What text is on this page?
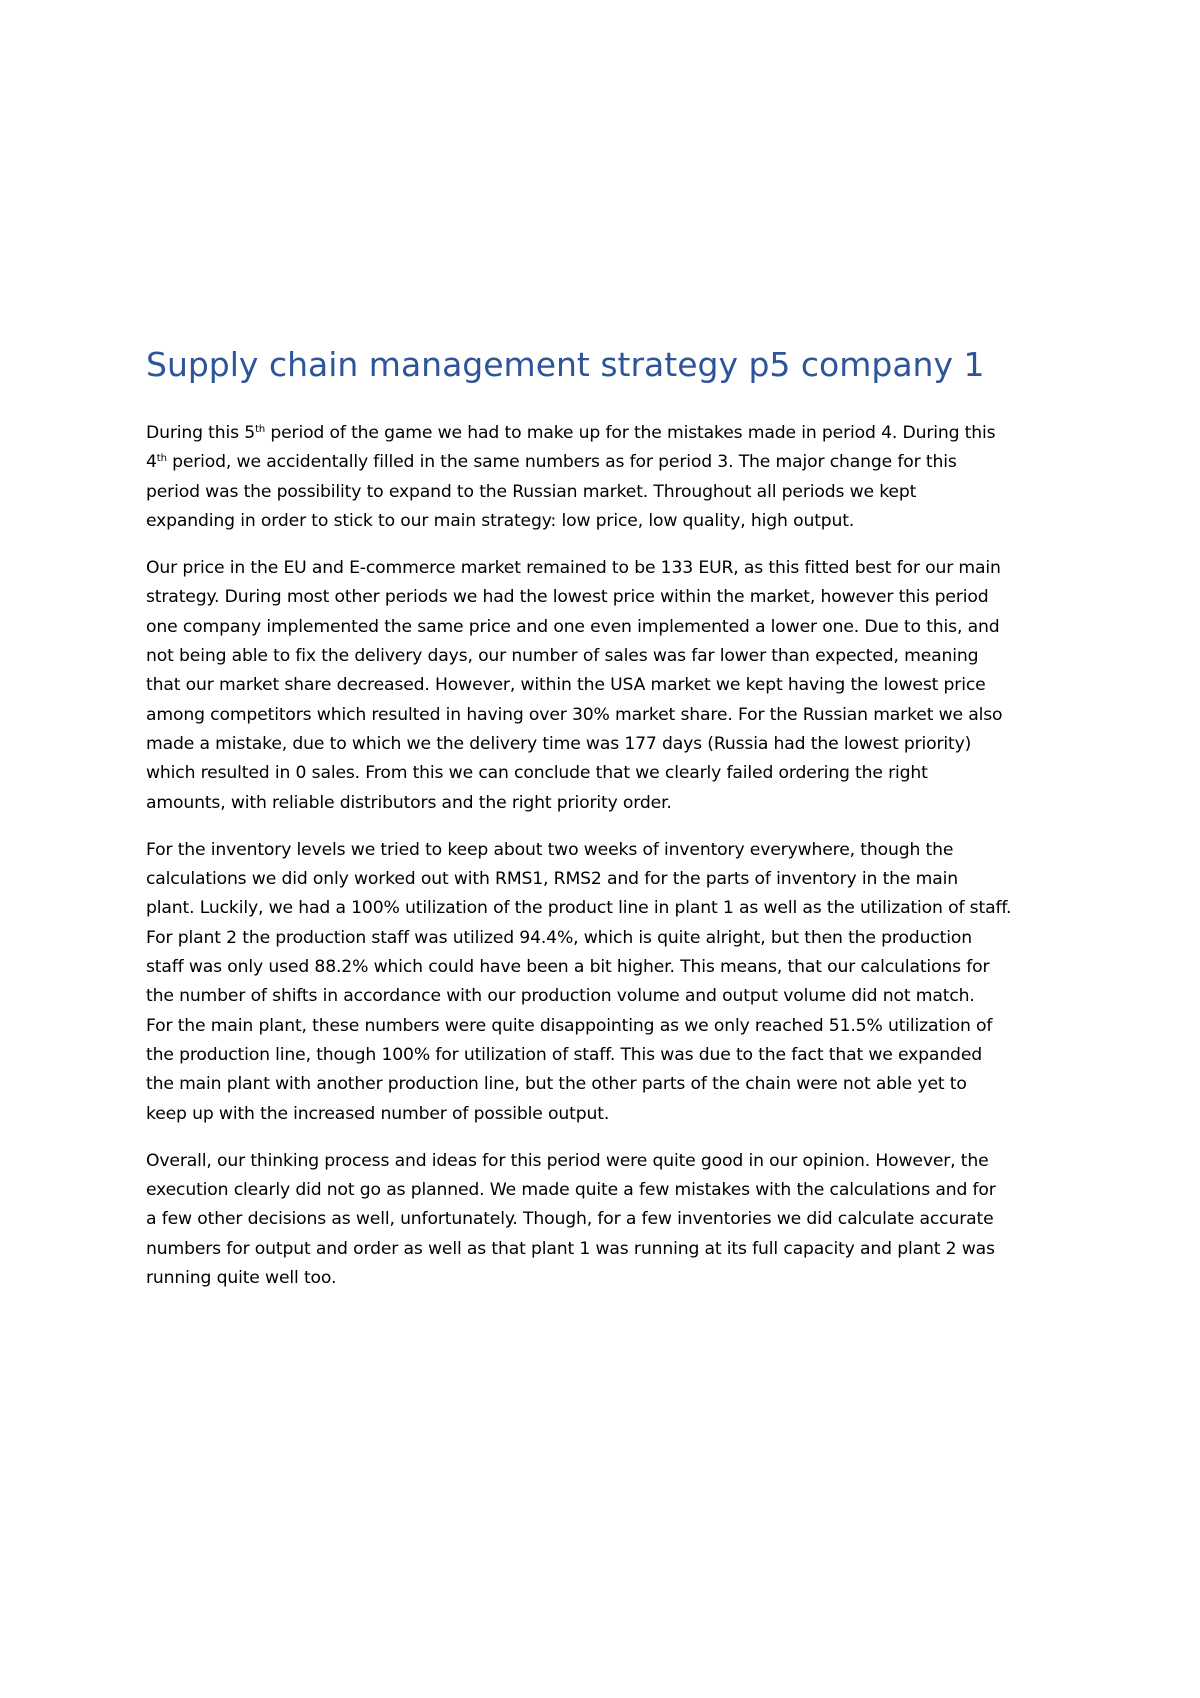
Supply chain management strategy p5 company 1

During this 5th period of the game we had to make up for the mistakes made in period 4. During this
4th period, we accidentally filled in the same numbers as for period 3. The major change for this
period was the possibility to expand to the Russian market. Throughout all periods we kept
expanding in order to stick to our main strategy: low price, low quality, high output.

Our price in the EU and E-commerce market remained to be 133 EUR, as this fitted best for our main
strategy. During most other periods we had the lowest price within the market, however this period
one company implemented the same price and one even implemented a lower one. Due to this, and
not being able to fix the delivery days, our number of sales was far lower than expected, meaning
that our market share decreased. However, within the USA market we kept having the lowest price
among competitors which resulted in having over 30% market share. For the Russian market we also
made a mistake, due to which we the delivery time was 177 days (Russia had the lowest priority)
which resulted in 0 sales. From this we can conclude that we clearly failed ordering the right
amounts, with reliable distributors and the right priority order.

For the inventory levels we tried to keep about two weeks of inventory everywhere, though the
calculations we did only worked out with RMS1, RMS2 and for the parts of inventory in the main
plant. Luckily, we had a 100% utilization of the product line in plant 1 as well as the utilization of staff.
For plant 2 the production staff was utilized 94.4%, which is quite alright, but then the production
staff was only used 88.2% which could have been a bit higher. This means, that our calculations for
the number of shifts in accordance with our production volume and output volume did not match.
For the main plant, these numbers were quite disappointing as we only reached 51.5% utilization of
the production line, though 100% for utilization of staff. This was due to the fact that we expanded
the main plant with another production line, but the other parts of the chain were not able yet to
keep up with the increased number of possible output.

Overall, our thinking process and ideas for this period were quite good in our opinion. However, the
execution clearly did not go as planned. We made quite a few mistakes with the calculations and for
a few other decisions as well, unfortunately. Though, for a few inventories we did calculate accurate
numbers for output and order as well as that plant 1 was running at its full capacity and plant 2 was
running quite well too.
